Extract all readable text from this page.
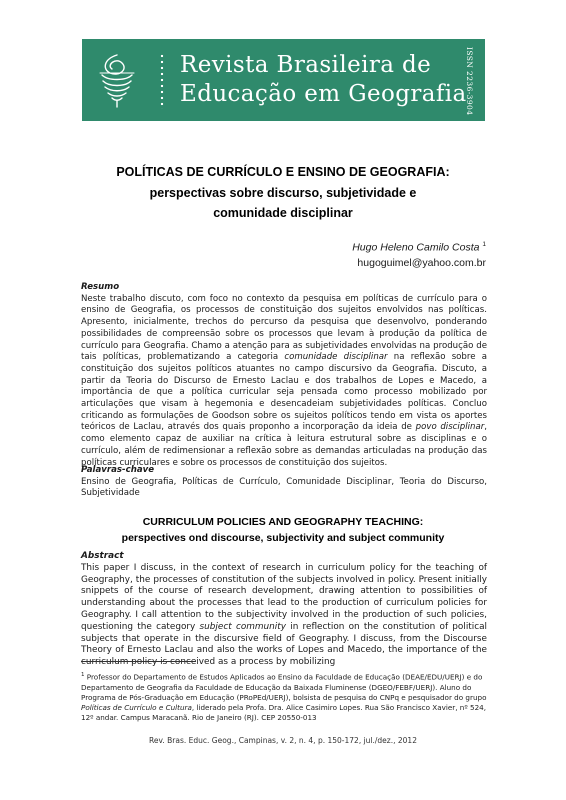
Revista Brasileira de
Educação em Geografia
ISSN 2236-3904
POLÍTICAS DE CURRÍCULO E ENSINO DE GEOGRAFIA:
perspectivas sobre discurso, subjetividade e
comunidade disciplinar
Hugo Heleno Camilo Costa $^1$
hugoguimel@yahoo.com.br
Resumo
Neste trabalho discuto, com foco no contexto da pesquisa em políticas de currículo para o ensino de Geografia, os processos de constituição dos sujeitos envolvidos nas políticas. Apresento, inicialmente, trechos do percurso da pesquisa que desenvolvo, ponderando possibilidades de compreensão sobre os processos que levam à produção da política de currículo para Geografia. Chamo a atenção para as subjetividades envolvidas na produção de tais políticas, problematizando a categoria comunidade disciplinar na reflexão sobre a constituição dos sujeitos políticos atuantes no campo discursivo da Geografia. Discuto, a partir da Teoria do Discurso de Ernesto Laclau e dos trabalhos de Lopes e Macedo, a importância de que a política curricular seja pensada como processo mobilizado por articulações que visam à hegemonia e desencadeiam subjetividades políticas. Concluo criticando as formulações de Goodson sobre os sujeitos políticos tendo em vista os aportes teóricos de Laclau, através dos quais proponho a incorporação da ideia de povo disciplinar, como elemento capaz de auxiliar na crítica à leitura estrutural sobre as disciplinas e o currículo, além de redimensionar a reflexão sobre as demandas articuladas na produção das políticas curriculares e sobre os processos de constituição dos sujeitos.
Palavras-chave
Ensino de Geografia, Políticas de Currículo, Comunidade Disciplinar, Teoria do Discurso, Subjetividade
CURRICULUM POLICIES AND GEOGRAPHY TEACHING:
perspectives ond discourse, subjectivity and subject community
Abstract
This paper I discuss, in the context of research in curriculum policy for the teaching of Geography, the processes of constitution of the subjects involved in policy. Present initially snippets of the course of research development, drawing attention to possibilities of understanding about the processes that lead to the production of curriculum policies for Geography. I call attention to the subjectivity involved in the production of such policies, questioning the category subject community in reflection on the constitution of political subjects that operate in the discursive field of Geography. I discuss, from the Discourse Theory of Ernesto Laclau and also the works of Lopes and Macedo, the importance of the curriculum policy is conceived as a process by mobilizing
$^1$ Professor do Departamento de Estudos Aplicados ao Ensino da Faculdade de Educação (DEAE/EDU/UERJ) e do Departamento de Geografia da Faculdade de Educação da Baixada Fluminense (DGEO/FEBF/UERJ). Aluno do Programa de Pós-Graduação em Educação (PRoPEd/UERJ), bolsista de pesquisa do CNPq e pesquisador do grupo Políticas de Currículo e Cultura, liderado pela Profa. Dra. Alice Casimiro Lopes. Rua São Francisco Xavier, nº 524, 12º andar. Campus Maracanã. Rio de Janeiro (RJ). CEP 20550-013
Rev. Bras. Educ. Geog., Campinas, v. 2, n. 4, p. 150-172, jul./dez., 2012
